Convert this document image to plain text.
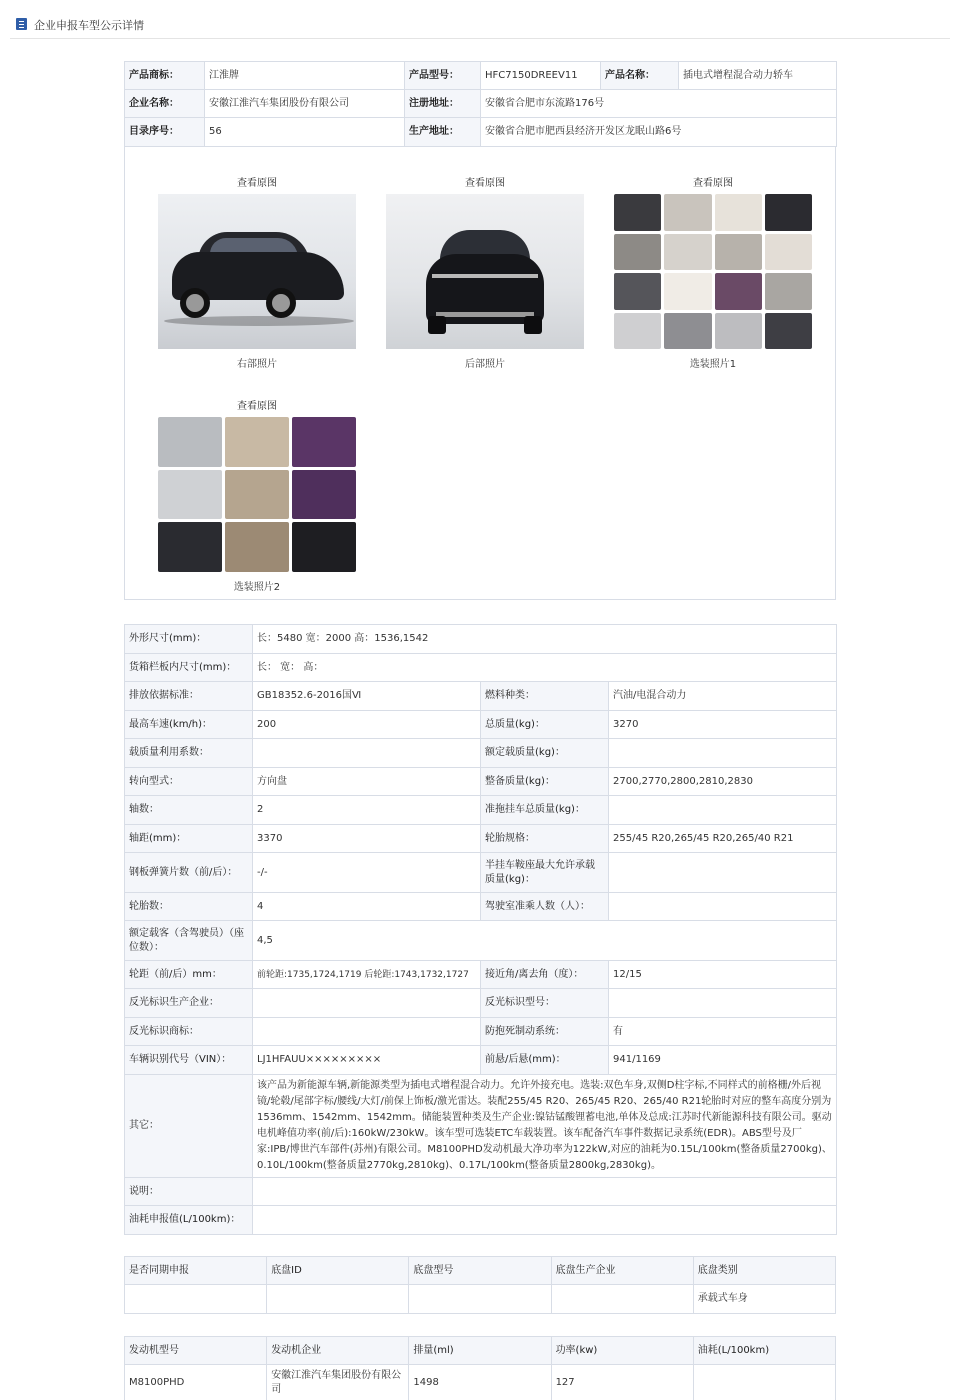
企业申报车型公示详情
产品商标：	江淮牌	产品型号：	HFC7150DREEV11	产品名称：	插电式增程混合动力轿车
企业名称：	安徽江淮汽车集团股份有限公司	注册地址：	安徽省合肥市东流路176号		
目录序号：	56	生产地址：	安徽省合肥市肥西县经济开发区龙眠山路6号		
查看原图
右部照片
查看原图
后部照片
查看原图
选装照片1
查看原图
选装照片2
外形尺寸(mm)：	长：5480 宽：2000 高：1536,1542		
货箱栏板内尺寸(mm)：	长： 宽： 高：		
排放依据标准：	GB18352.6-2016国Ⅵ	燃料种类：	汽油/电混合动力
最高车速(km/h)：	200	总质量(kg)：	3270
载质量利用系数：		额定载质量(kg)：	
转向型式：	方向盘	整备质量(kg)：	2700,2770,2800,2810,2830
轴数：	2	准拖挂车总质量(kg)：	
轴距(mm)：	3370	轮胎规格：	255/45 R20,265/45 R20,265/40 R21
钢板弹簧片数（前/后）：	-/-	半挂车鞍座最大允许承载质量(kg)：	
轮胎数：	4	驾驶室准乘人数（人）：	
额定载客（含驾驶员）（座位数）：	4,5		
轮距（前/后）mm：	前轮距:1735,1724,1719 后轮距:1743,1732,1727	接近角/离去角（度）：	12/15
反光标识生产企业：		反光标识型号：	
反光标识商标：		防抱死制动系统：	有
车辆识别代号（VIN）：	LJ1HFAUU×××××××××	前悬/后悬(mm)：	941/1169
其它：	该产品为新能源车辆,新能源类型为插电式增程混合动力。允许外接充电。选装:双色车身,双侧D柱字标,不同样式的前格栅/外后视镜/轮毂/尾部字标/腰线/大灯/前保上饰板/激光雷达。装配255/45 R20、265/45 R20、265/40 R21轮胎时对应的整车高度分别为1536mm、1542mm、1542mm。储能装置种类及生产企业:镍钴锰酸锂蓄电池,单体及总成:江苏时代新能源科技有限公司。驱动电机峰值功率(前/后):160kW/230kW。该车型可选装ETC车载装置。该车配备汽车事件数据记录系统(EDR)。ABS型号及厂家:IPB/博世汽车部件(苏州)有限公司。M8100PHD发动机最大净功率为122kW,对应的油耗为0.15L/100km(整备质量2700kg)、0.10L/100km(整备质量2770kg,2810kg)、0.17L/100km(整备质量2800kg,2830kg)。		
说明：			
油耗申报值(L/100km)：			
是否同期申报	底盘ID	底盘型号	底盘生产企业	底盘类别
				承载式车身
发动机型号	发动机企业	排量(ml)	功率(kw)	油耗(L/100km)
M8100PHD	安徽江淮汽车集团股份有限公司	1498	127	
